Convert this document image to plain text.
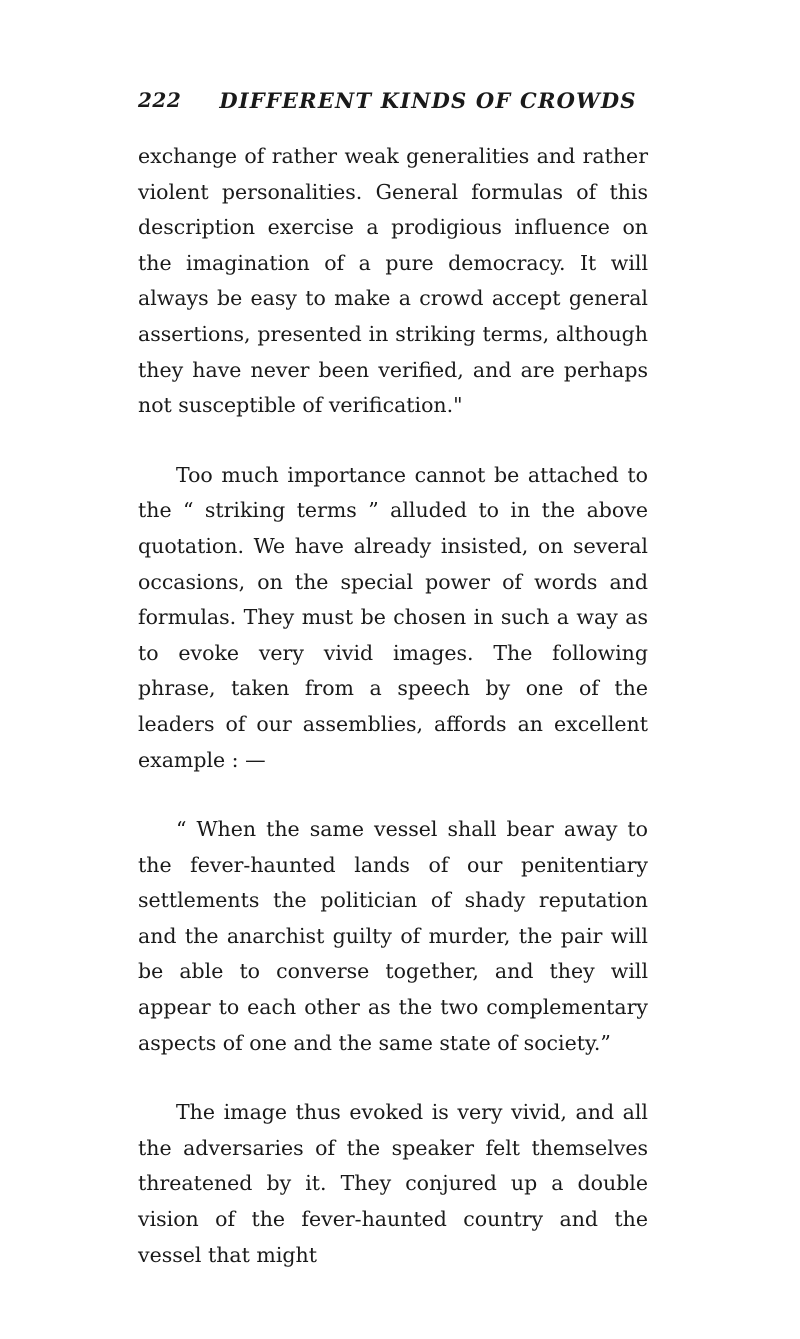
222	DIFFERENT KINDS OF CROWDS

exchange of rather weak generalities and rather violent personalities. General formulas of this description exercise a prodigious influence on the imagination of a pure democracy. It will always be easy to make a crowd accept general assertions, presented in striking terms, although they have never been verified, and are perhaps not susceptible of verification."

Too much importance cannot be attached to the “ striking terms ” alluded to in the above quotation. We have already insisted, on several occasions, on the special power of words and formulas. They must be chosen in such a way as to evoke very vivid images. The following phrase, taken from a speech by one of the leaders of our assemblies, affords an excellent example : —

“ When the same vessel shall bear away to the fever-haunted lands of our penitentiary settlements the politician of shady reputation and the anarchist guilty of murder, the pair will be able to converse together, and they will appear to each other as the two complementary aspects of one and the same state of society.”

The image thus evoked is very vivid, and all the adversaries of the speaker felt themselves threatened by it. They conjured up a double vision of the fever-haunted country and the vessel that might
